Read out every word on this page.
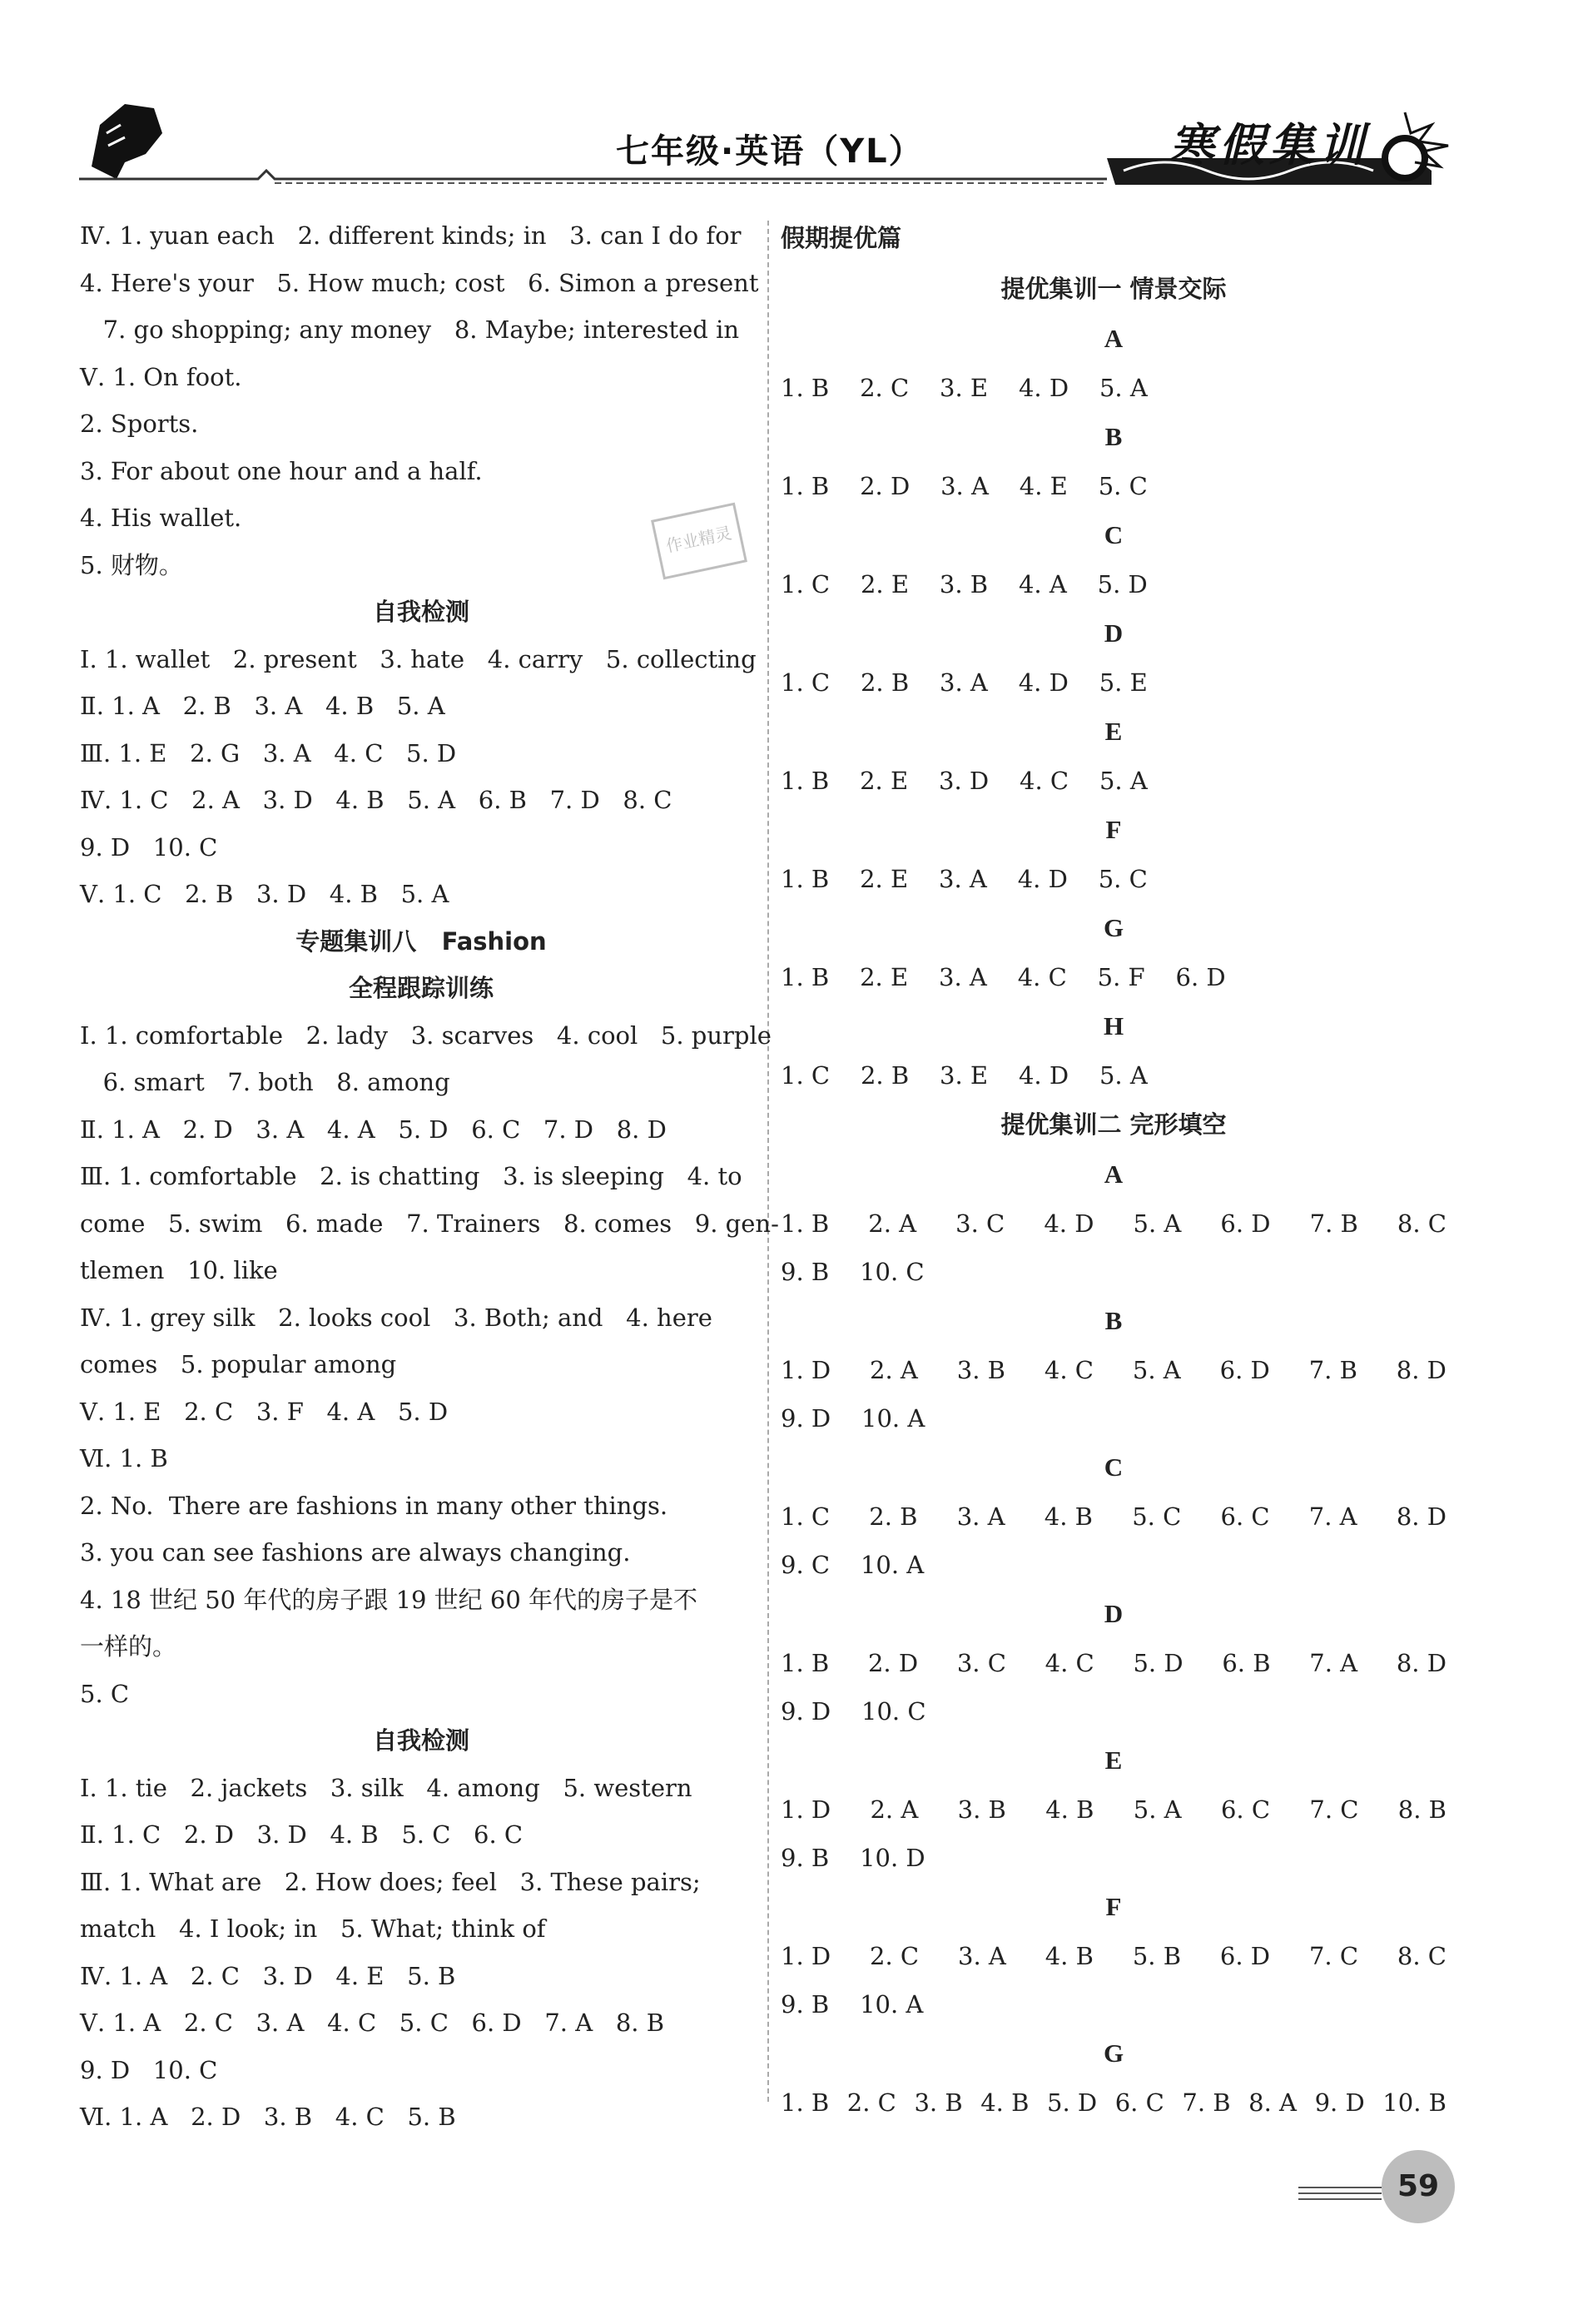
七年级·英语（YL）	寒假集训
Ⅳ. 1. yuan each   2. different kinds; in   3. can I do for
4. Here's your   5. How much; cost   6. Simon a present
7. go shopping; any money   8. Maybe; interested in
Ⅴ. 1. On foot.
2. Sports.
3. For about one hour and a half.
4. His wallet.
5. 财物。
自我检测
Ⅰ. 1. wallet   2. present   3. hate   4. carry   5. collecting
Ⅱ. 1. A   2. B   3. A   4. B   5. A
Ⅲ. 1. E   2. G   3. A   4. C   5. D
Ⅳ. 1. C   2. A   3. D   4. B   5. A   6. B   7. D   8. C
9. D   10. C
Ⅴ. 1. C   2. B   3. D   4. B   5. A
专题集训八   Fashion
全程跟踪训练
Ⅰ. 1. comfortable   2. lady   3. scarves   4. cool   5. purple
6. smart   7. both   8. among
Ⅱ. 1. A   2. D   3. A   4. A   5. D   6. C   7. D   8. D
Ⅲ. 1. comfortable   2. is chatting   3. is sleeping   4. to
come   5. swim   6. made   7. Trainers   8. comes   9. gen-
tlemen   10. like
Ⅳ. 1. grey silk   2. looks cool   3. Both; and   4. here
comes   5. popular among
Ⅴ. 1. E   2. C   3. F   4. A   5. D
Ⅵ. 1. B
2. No.  There are fashions in many other things.
3. you can see fashions are always changing.
4. 18 世纪 50 年代的房子跟 19 世纪 60 年代的房子是不
一样的。
5. C
自我检测
Ⅰ. 1. tie   2. jackets   3. silk   4. among   5. western
Ⅱ. 1. C   2. D   3. D   4. B   5. C   6. C
Ⅲ. 1. What are   2. How does; feel   3. These pairs;
match   4. I look; in   5. What; think of
Ⅳ. 1. A   2. C   3. D   4. E   5. B
Ⅴ. 1. A   2. C   3. A   4. C   5. C   6. D   7. A   8. B
9. D   10. C
Ⅵ. 1. A   2. D   3. B   4. C   5. B
假期提优篇
提优集训一 情景交际
A
1. B    2. C    3. E    4. D    5. A
B
1. B    2. D    3. A    4. E    5. C
C
1. C    2. E    3. B    4. A    5. D
D
1. C    2. B    3. A    4. D    5. E
E
1. B    2. E    3. D    4. C    5. A
F
1. B    2. E    3. A    4. D    5. C
G
1. B    2. E    3. A    4. C    5. F    6. D
H
1. C    2. B    3. E    4. D    5. A
提优集训二 完形填空
A
1. B 2. A 3. C 4. D 5. A 6. D 7. B 8. C
9. B    10. C
B
1. D 2. A 3. B 4. C 5. A 6. D 7. B 8. D
9. D    10. A
C
1. C 2. B 3. A 4. B 5. C 6. C 7. A 8. D
9. C    10. A
D
1. B 2. D 3. C 4. C 5. D 6. B 7. A 8. D
9. D    10. C
E
1. D 2. A 3. B 4. B 5. A 6. C 7. C 8. B
9. B    10. D
F
1. D 2. C 3. A 4. B 5. B 6. D 7. C 8. C
9. B    10. A
G
1. B 2. C 3. B 4. B 5. D 6. C 7. B 8. A 9. D 10. B
作业精灵
59
